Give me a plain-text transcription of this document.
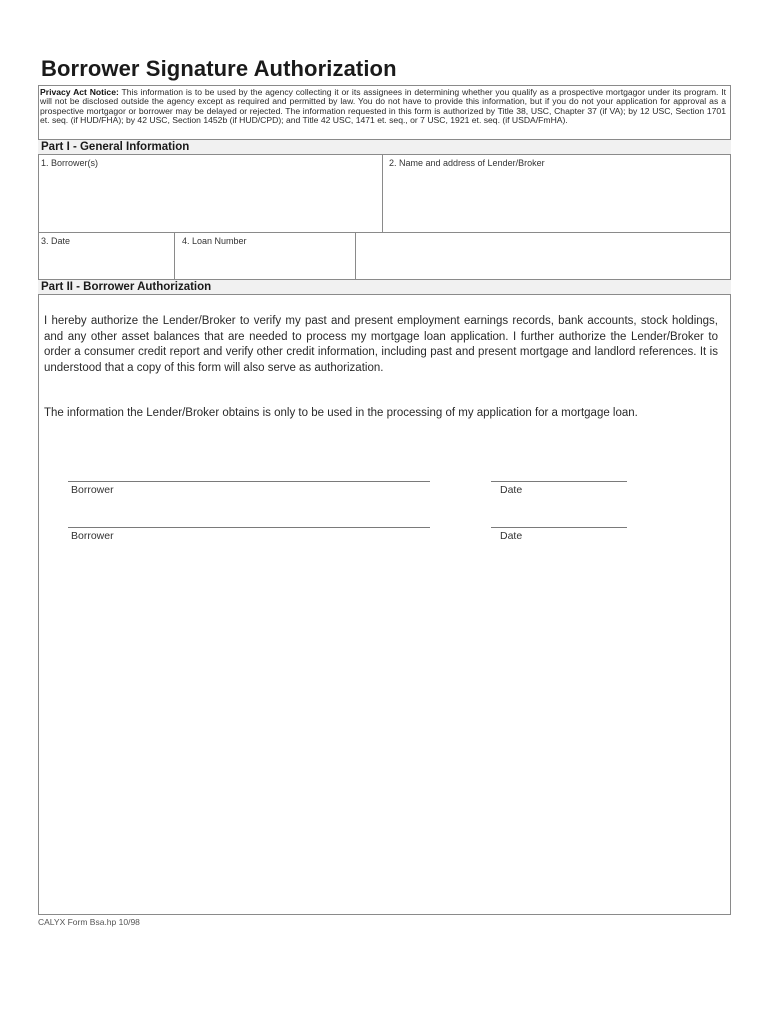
Borrower Signature Authorization
Privacy Act Notice: This information is to be used by the agency collecting it or its assignees in determining whether you qualify as a prospective mortgagor under its program. It will not be disclosed outside the agency except as required and permitted by law. You do not have to provide this information, but if you do not your application for approval as a prospective mortgagor or borrower may be delayed or rejected. The information requested in this form is authorized by Title 38, USC, Chapter 37 (if VA); by 12 USC, Section 1701 et. seq. (if HUD/FHA); by 42 USC, Section 1452b (if HUD/CPD); and Title 42 USC, 1471 et. seq., or 7 USC, 1921 et. seq. (if USDA/FmHA).
Part I - General Information
1. Borrower(s)	2. Name and address of Lender/Broker
3. Date	4. Loan Number
Part II - Borrower Authorization
I hereby authorize the Lender/Broker to verify my past and present employment earnings records, bank accounts, stock holdings, and any other asset balances that are needed to process my mortgage loan application. I further authorize the Lender/Broker to order a consumer credit report and verify other credit information, including past and present mortgage and landlord references. It is understood that a copy of this form will also serve as authorization.
The information the Lender/Broker obtains is only to be used in the processing of my application for a mortgage loan.
Borrower	Date
Borrower	Date
CALYX Form Bsa.hp 10/98
